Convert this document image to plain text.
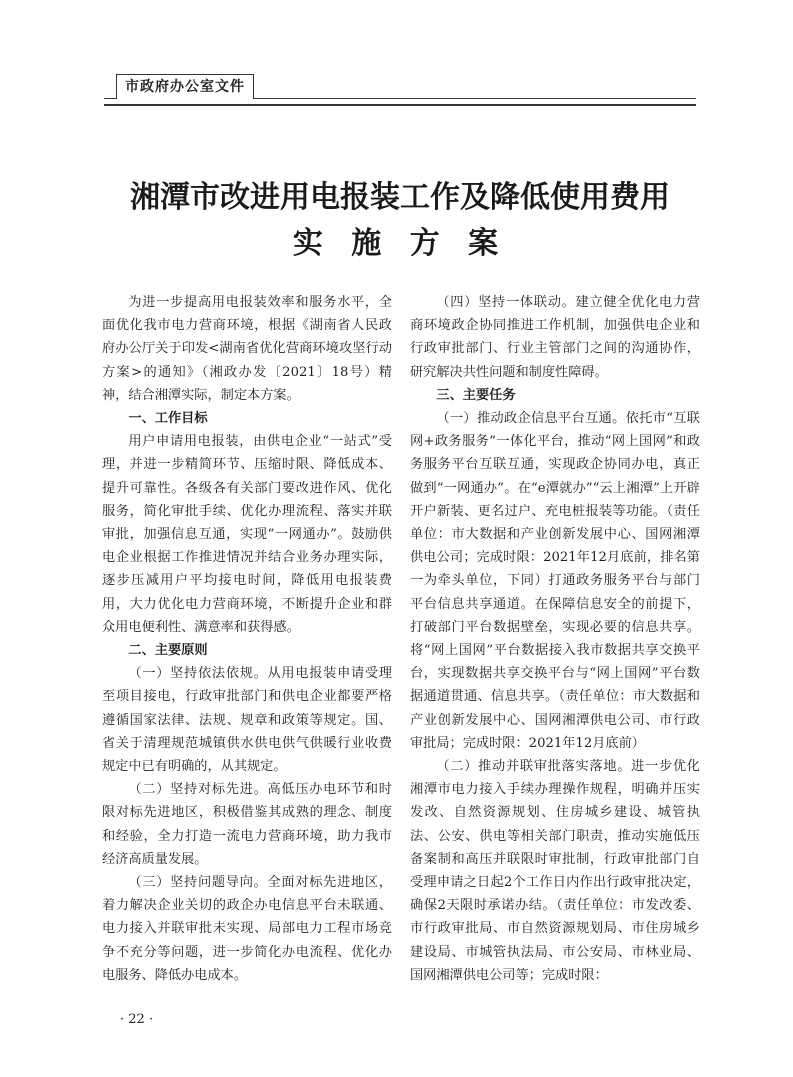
市政府办公室文件
湘潭市改进用电报装工作及降低使用费用
实 施 方 案

为进一步提高用电报装效率和服务水平，全面优化我市电力营商环境，根据《湖南省人民政府办公厅关于印发<湖南省优化营商环境攻坚行动方案>的通知》（湘政办发〔2021〕18号）精神，结合湘潭实际，制定本方案。

一、工作目标

用户申请用电报装，由供电企业“一站式”受理，并进一步精简环节、压缩时限、降低成本、提升可靠性。各级各有关部门要改进作风、优化服务，简化审批手续、优化办理流程、落实并联审批，加强信息互通，实现“一网通办”。鼓励供电企业根据工作推进情况并结合业务办理实际，逐步压减用户平均接电时间，降低用电报装费用，大力优化电力营商环境，不断提升企业和群众用电便利性、满意率和获得感。

二、主要原则

（一）坚持依法依规。从用电报装申请受理至项目接电，行政审批部门和供电企业都要严格遵循国家法律、法规、规章和政策等规定。国、省关于清理规范城镇供水供电供气供暖行业收费规定中已有明确的，从其规定。

（二）坚持对标先进。高低压办电环节和时限对标先进地区，积极借鉴其成熟的理念、制度和经验，全力打造一流电力营商环境，助力我市经济高质量发展。

（三）坚持问题导向。全面对标先进地区，着力解决企业关切的政企办电信息平台未联通、电力接入并联审批未实现、局部电力工程市场竞争不充分等问题，进一步简化办电流程、优化办电服务、降低办电成本。

（四）坚持一体联动。建立健全优化电力营商环境政企协同推进工作机制，加强供电企业和行政审批部门、行业主管部门之间的沟通协作，研究解决共性问题和制度性障碍。

三、主要任务

（一）推动政企信息平台互通。依托市“互联网+政务服务”一体化平台，推动“网上国网”和政务服务平台互联互通，实现政企协同办电，真正做到“一网通办”。在“e潭就办”“云上湘潭”上开辟开户新装、更名过户、充电桩报装等功能。（责任单位：市大数据和产业创新发展中心、国网湘潭供电公司；完成时限：2021年12月底前，排名第一为牵头单位，下同）打通政务服务平台与部门平台信息共享通道。在保障信息安全的前提下，打破部门平台数据壁垒，实现必要的信息共享。将“网上国网”平台数据接入我市数据共享交换平台，实现数据共享交换平台与“网上国网”平台数据通道贯通、信息共享。（责任单位：市大数据和产业创新发展中心、国网湘潭供电公司、市行政审批局；完成时限：2021年12月底前）

（二）推动并联审批落实落地。进一步优化湘潭市电力接入手续办理操作规程，明确并压实发改、自然资源规划、住房城乡建设、城管执法、公安、供电等相关部门职责，推动实施低压备案制和高压并联限时审批制，行政审批部门自受理申请之日起2个工作日内作出行政审批决定，确保2天限时承诺办结。（责任单位：市发改委、市行政审批局、市自然资源规划局、市住房城乡建设局、市城管执法局、市公安局、市林业局、国网湘潭供电公司等；完成时限：

· 22 ·
